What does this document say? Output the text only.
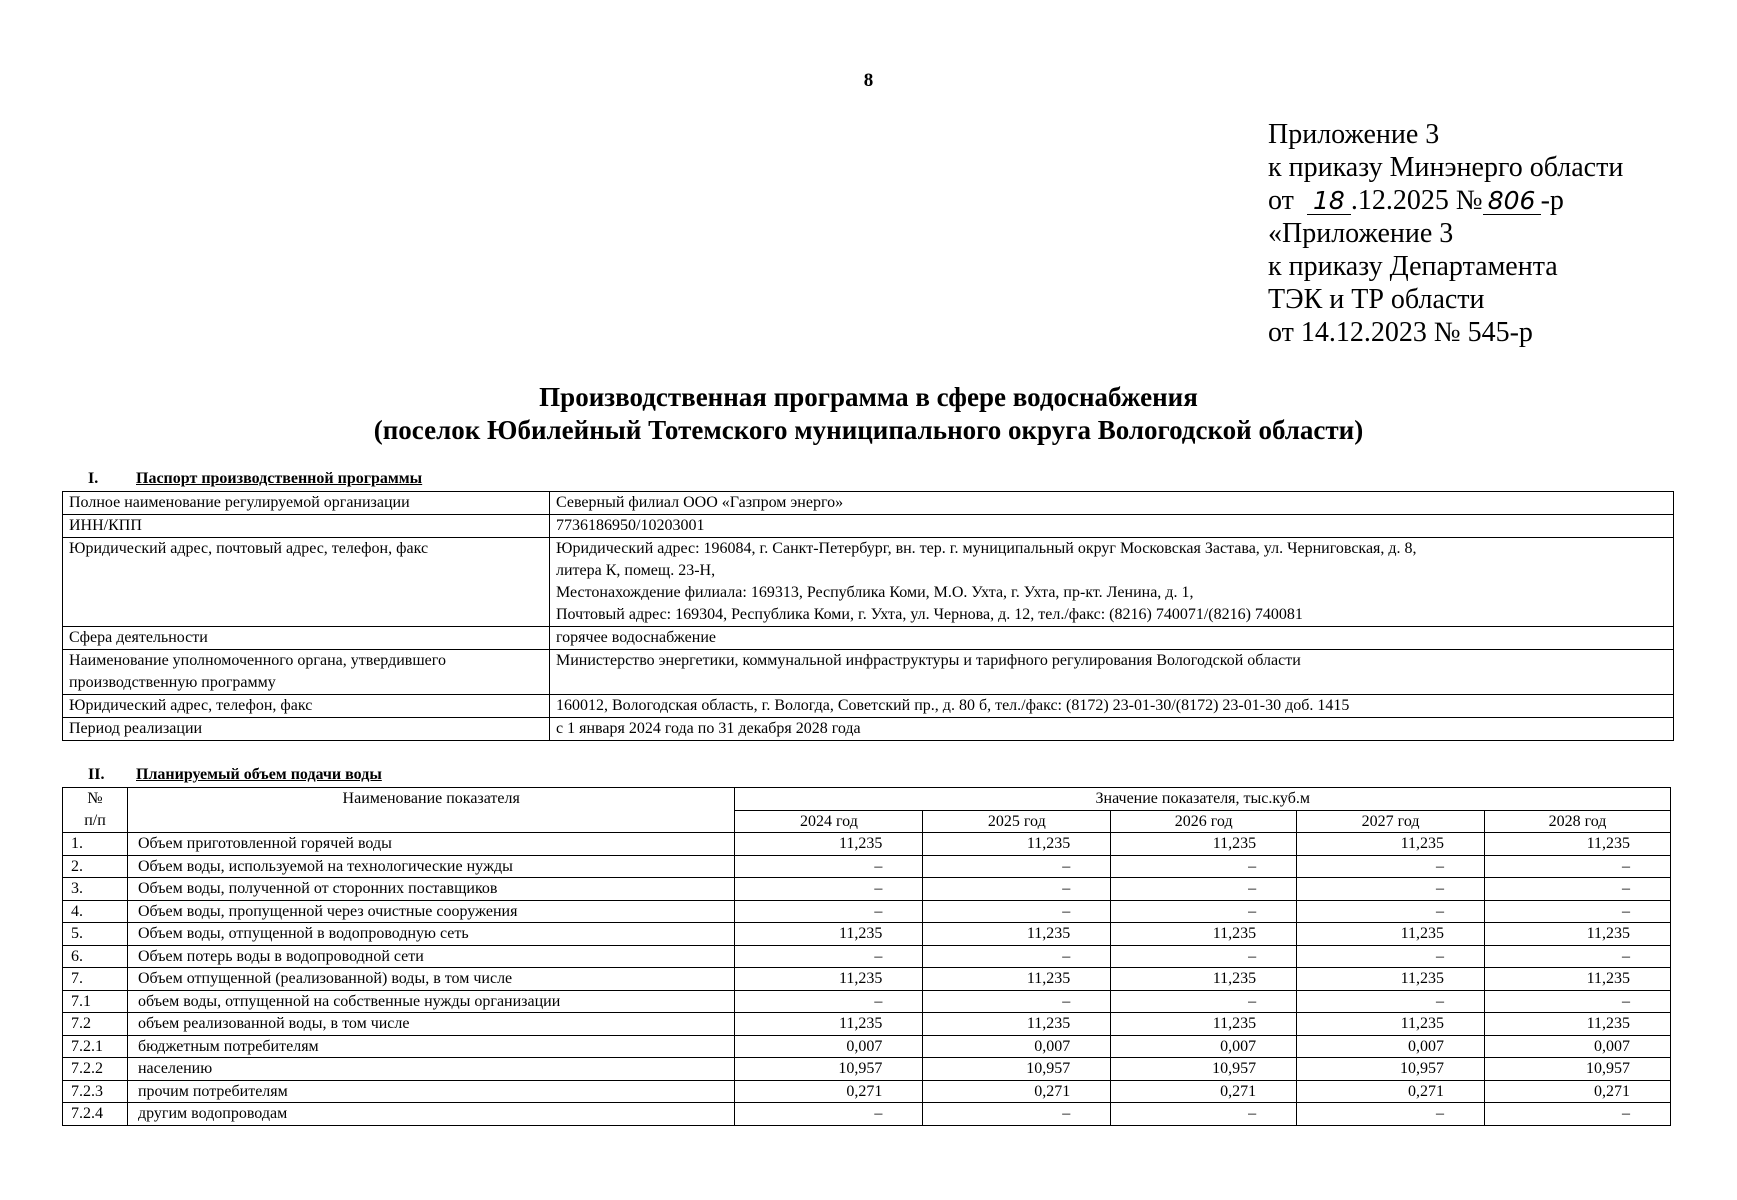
8
Приложение 3
к приказу Минэнерго области
от 18 .12.2025 № 806 -р
«Приложение 3
к приказу Департамента
ТЭК и ТР области
от 14.12.2023 № 545-р
Производственная программа в сфере водоснабжения
(поселок Юбилейный Тотемского муниципального округа Вологодской области)
I. Паспорт производственной программы
Полное наименование регулируемой организации	Северный филиал ООО «Газпром энерго»
ИНН/КПП	7736186950/10203001
Юридический адрес, почтовый адрес, телефон, факс	Юридический адрес: 196084, г. Санкт-Петербург, вн. тер. г. муниципальный округ Московская Застава, ул. Черниговская, д. 8,
литера К, помещ. 23-Н,
Местонахождение филиала: 169313, Республика Коми, М.О. Ухта, г. Ухта, пр-кт. Ленина, д. 1,
Почтовый адрес: 169304, Республика Коми, г. Ухта, ул. Чернова, д. 12, тел./факс: (8216) 740071/(8216) 740081

Сфера деятельности	горячее водоснабжение

Наименование уполномоченного органа, утвердившего
производственную программу	Министерство энергетики, коммунальной инфраструктуры и тарифного регулирования Вологодской области
Юридический адрес, телефон, факс	160012, Вологодская область, г. Вологда, Советский пр., д. 80 б, тел./факс: (8172) 23-01-30/(8172) 23-01-30 доб. 1415
Период реализации	с 1 января 2024 года по 31 декабря 2028 года
II. Планируемый объем подачи воды
№
п/п	Наименование показателя	Значение показателя, тыс.куб.м				
		2024 год	2025 год	2026 год	2027 год	2028 год
1.	Объем приготовленной горячей воды	11,235	11,235	11,235	11,235	11,235
2.	Объем воды, используемой на технологические нужды	–	–	–	–	–
3.	Объем воды, полученной от сторонних поставщиков	–	–	–	–	–
4.	Объем воды, пропущенной через очистные сооружения	–	–	–	–	–
5.	Объем воды, отпущенной в водопроводную сеть	11,235	11,235	11,235	11,235	11,235
6.	Объем потерь воды в водопроводной сети	–	–	–	–	–
7.	Объем отпущенной (реализованной) воды, в том числе	11,235	11,235	11,235	11,235	11,235
7.1	объем воды, отпущенной на собственные нужды организации	–	–	–	–	–
7.2	объем реализованной воды, в том числе	11,235	11,235	11,235	11,235	11,235
7.2.1	бюджетным потребителям	0,007	0,007	0,007	0,007	0,007
7.2.2	населению	10,957	10,957	10,957	10,957	10,957
7.2.3	прочим потребителям	0,271	0,271	0,271	0,271	0,271
7.2.4	другим водопроводам	–	–	–	–	–
